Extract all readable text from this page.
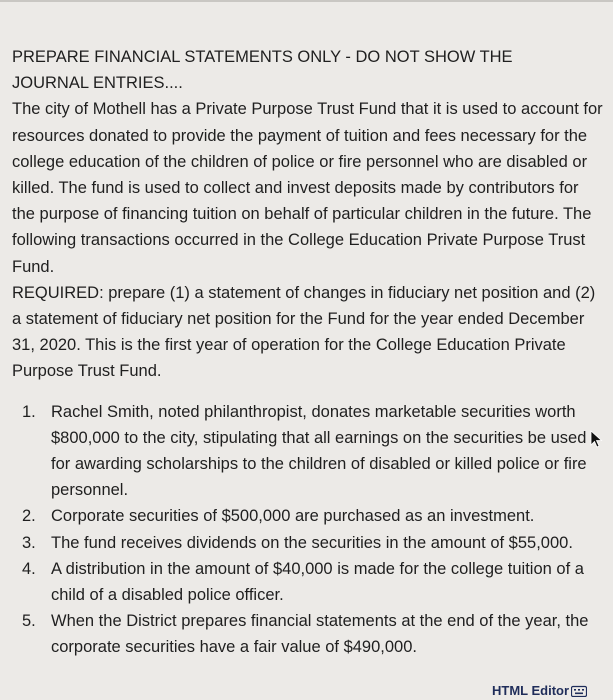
PREPARE FINANCIAL STATEMENTS ONLY - DO NOT SHOW THE

JOURNAL ENTRIES....

The city of Mothell has a Private Purpose Trust Fund that it is used to account for resources donated to provide the payment of tuition and fees necessary for the college education of the children of police or fire personnel who are disabled or killed. The fund is used to collect and invest deposits made by contributors for the purpose of financing tuition on behalf of particular children in the future. The following transactions occurred in the College Education Private Purpose Trust Fund.

REQUIRED: prepare (1) a statement of changes in fiduciary net position and (2) a statement of fiduciary net position for the Fund for the year ended December 31, 2020. This is the first year of operation for the College Education Private Purpose Trust Fund.

1. Rachel Smith, noted philanthropist, donates marketable securities worth $800,000 to the city, stipulating that all earnings on the securities be used for awarding scholarships to the children of disabled or killed police or fire personnel.
2. Corporate securities of $500,000 are purchased as an investment.
3. The fund receives dividends on the securities in the amount of $55,000.
4. A distribution in the amount of $40,000 is made for the college tuition of a child of a disabled police officer.
5. When the District prepares financial statements at the end of the year, the corporate securities have a fair value of $490,000.
HTML Editor
